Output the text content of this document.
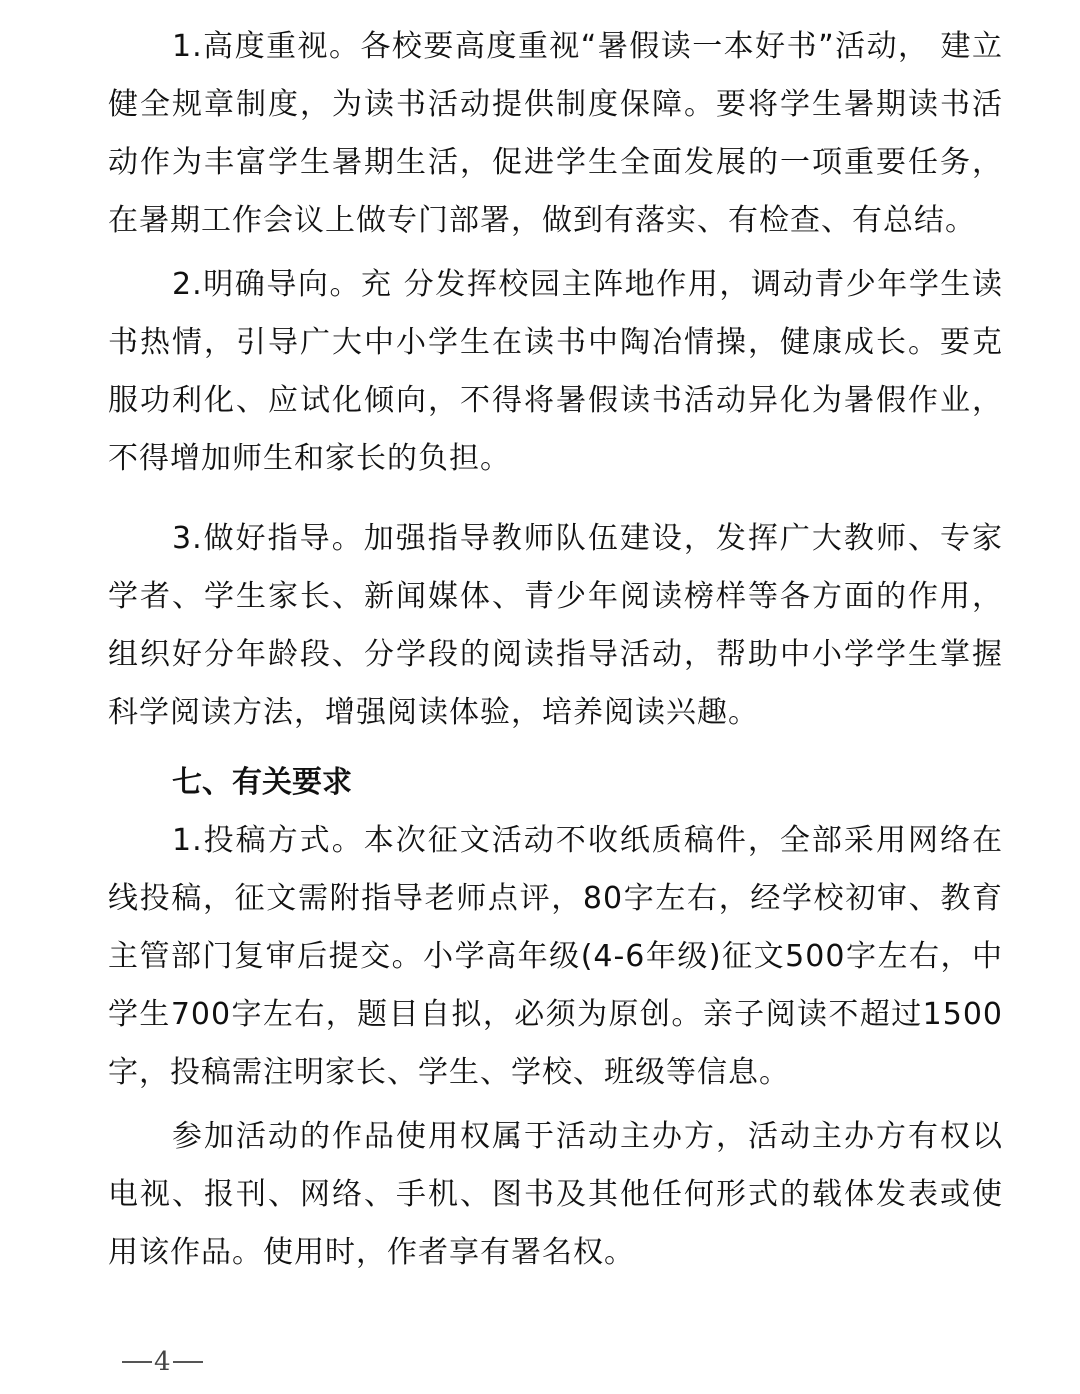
1.高度重视。各校要高度重视“暑假读一本好书”活动， 建立健全规章制度，为读书活动提供制度保障。要将学生暑期读书活动作为丰富学生暑期生活，促进学生全面发展的一项重要任务，在暑期工作会议上做专门部署，做到有落实、有检查、有总结。

2.明确导向。充 分发挥校园主阵地作用，调动青少年学生读书热情，引导广大中小学生在读书中陶冶情操，健康成长。要克服功利化、应试化倾向，不得将暑假读书活动异化为暑假作业，不得增加师生和家长的负担。

3.做好指导。加强指导教师队伍建设，发挥广大教师、专家学者、学生家长、新闻媒体、青少年阅读榜样等各方面的作用，组织好分年龄段、分学段的阅读指导活动，帮助中小学学生掌握科学阅读方法，增强阅读体验，培养阅读兴趣。

七、有关要求

1.投稿方式。本次征文活动不收纸质稿件，全部采用网络在线投稿，征文需附指导老师点评，80字左右，经学校初审、教育主管部门复审后提交。小学高年级(4-6年级)征文500字左右，中学生700字左右，题目自拟，必须为原创。亲子阅读不超过1500字，投稿需注明家长、学生、学校、班级等信息。

参加活动的作品使用权属于活动主办方，活动主办方有权以电视、报刊、网络、手机、图书及其他任何形式的载体发表或使用该作品。使用时，作者享有署名权。

4
